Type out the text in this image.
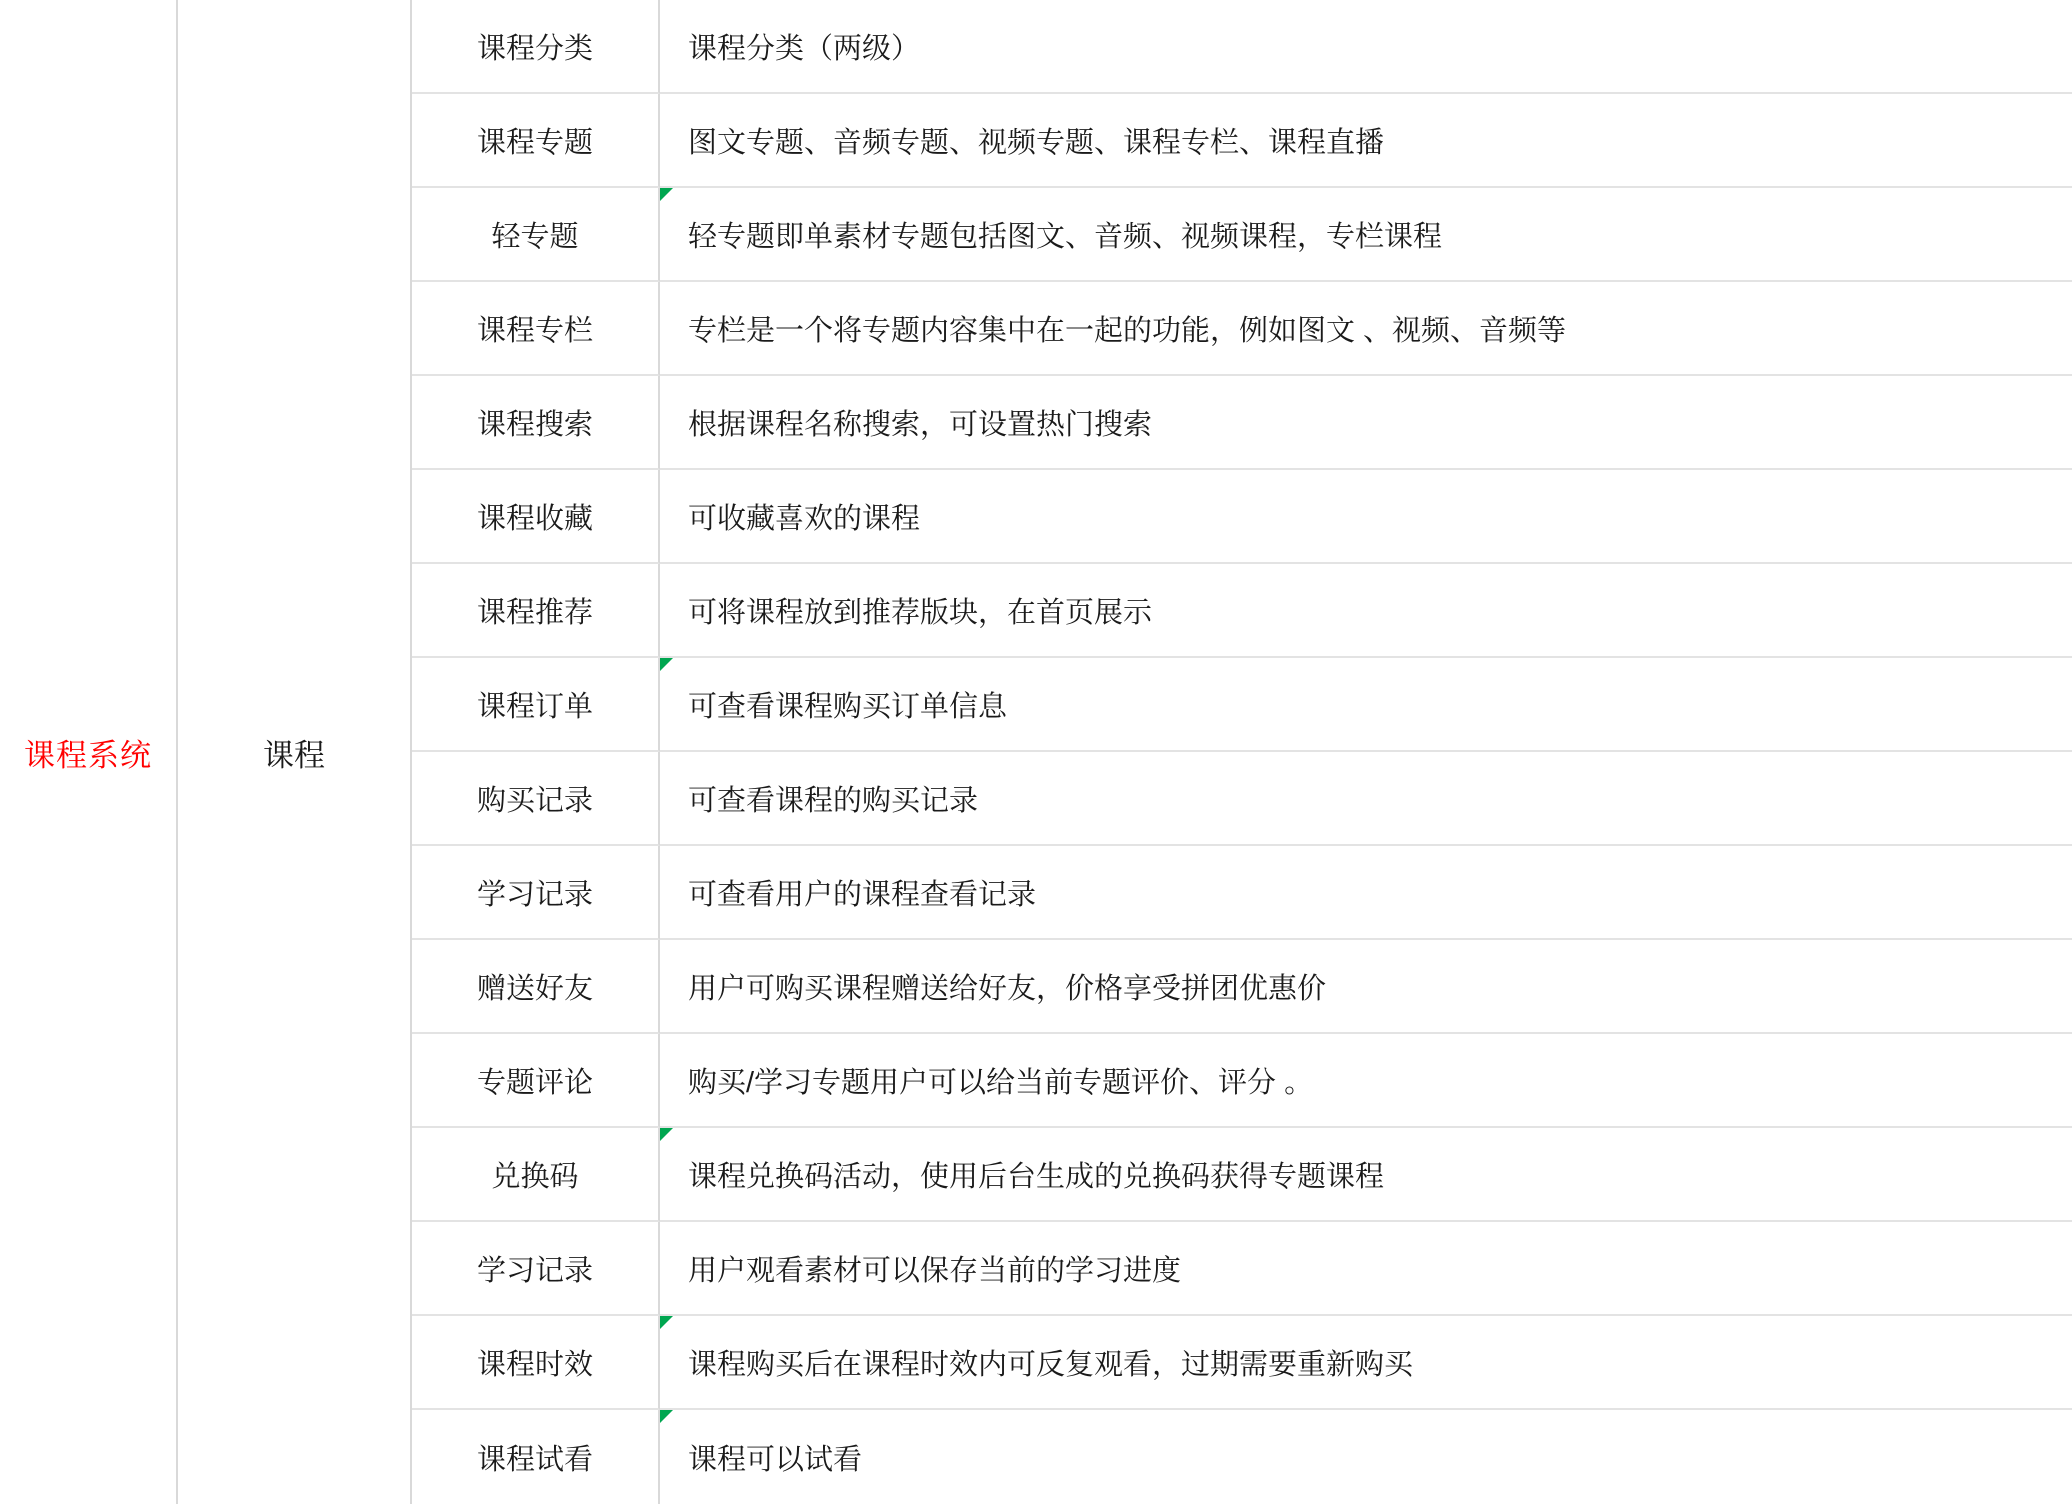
课程系统	课程
课程分类	课程分类（两级）
课程专题	图文专题、音频专题、视频专题、课程专栏、课程直播
轻专题	轻专题即单素材专题包括图文、音频、视频课程，专栏课程
课程专栏	专栏是一个将专题内容集中在一起的功能，例如图文 、视频、音频等
课程搜索	根据课程名称搜索，可设置热门搜索
课程收藏	可收藏喜欢的课程
课程推荐	可将课程放到推荐版块，在首页展示
课程订单	可查看课程购买订单信息
购买记录	可查看课程的购买记录
学习记录	可查看用户的课程查看记录
赠送好友	用户可购买课程赠送给好友，价格享受拼团优惠价
专题评论	购买/学习专题用户可以给当前专题评价、评分 。
兑换码	课程兑换码活动，使用后台生成的兑换码获得专题课程
学习记录	用户观看素材可以保存当前的学习进度
课程时效	课程购买后在课程时效内可反复观看，过期需要重新购买
课程试看	课程可以试看
